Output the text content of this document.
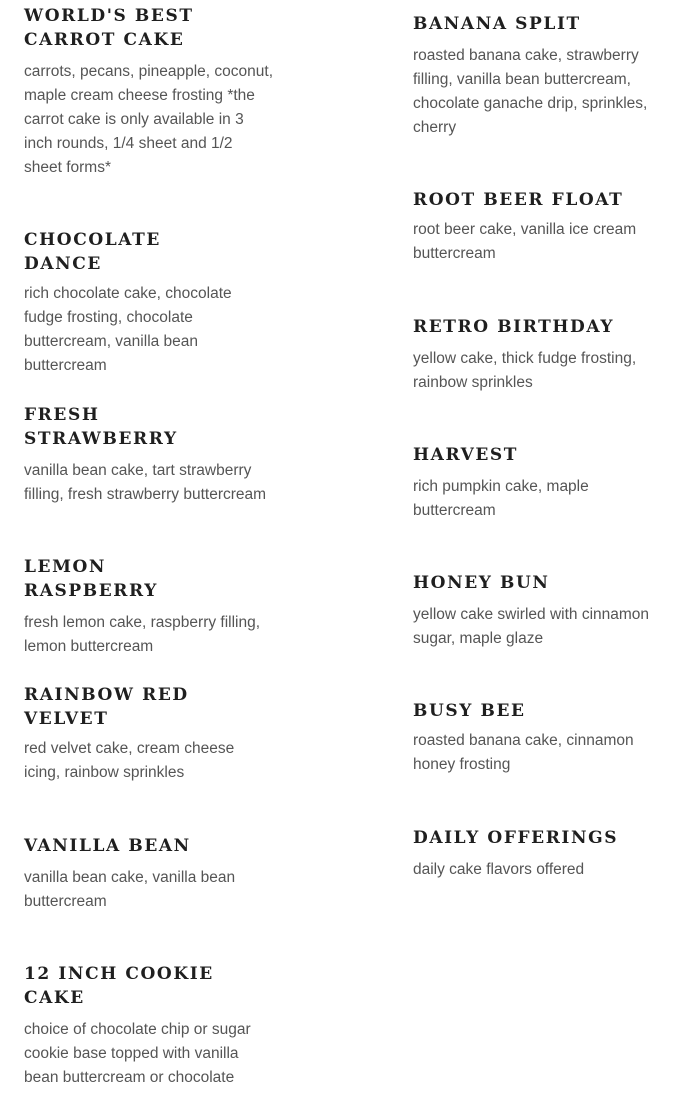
WORLD'S BEST CARROT CAKE

carrots, pecans, pineapple, coconut, maple cream cheese frosting *the carrot cake is only available in 3 inch rounds, 1/4 sheet and 1/2 sheet forms*

CHOCOLATE DANCE

rich chocolate cake, chocolate fudge frosting, chocolate buttercream, vanilla bean buttercream

FRESH STRAWBERRY

vanilla bean cake, tart strawberry filling, fresh strawberry buttercream

LEMON RASPBERRY

fresh lemon cake, raspberry filling, lemon buttercream

RAINBOW RED VELVET

red velvet cake, cream cheese icing, rainbow sprinkles

VANILLA BEAN

vanilla bean cake, vanilla bean buttercream

12 INCH COOKIE CAKE

choice of chocolate chip or sugar cookie base topped with vanilla bean buttercream or chocolate

BANANA SPLIT

roasted banana cake, strawberry filling, vanilla bean buttercream, chocolate ganache drip, sprinkles, cherry

ROOT BEER FLOAT

root beer cake, vanilla ice cream buttercream

RETRO BIRTHDAY

yellow cake, thick fudge frosting, rainbow sprinkles

HARVEST

rich pumpkin cake, maple buttercream

HONEY BUN

yellow cake swirled with cinnamon sugar, maple glaze

BUSY BEE

roasted banana cake, cinnamon honey frosting

DAILY OFFERINGS

daily cake flavors offered
